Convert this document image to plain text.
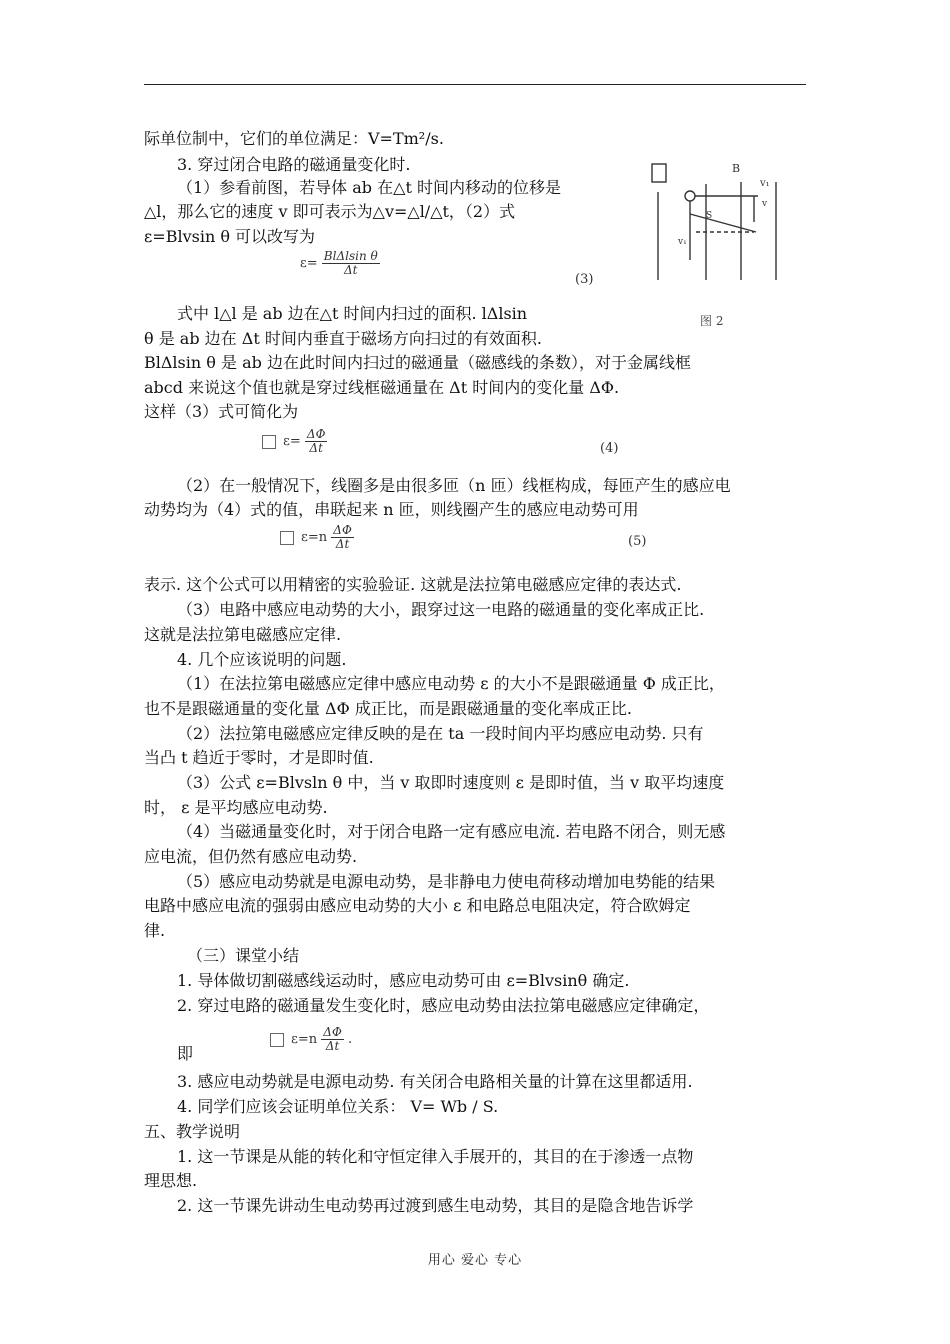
际单位制中，它们的单位满足：V=Tm²/s.
3. 穿过闭合电路的磁通量变化时.
（1）参看前图，若导体 ab 在△t 时间内移动的位移是
△l，那么它的速度 v 即可表示为△v=△l/△t，（2）式
ε=Blvsin θ 可以改写为
$\varepsilon= \frac{\text{BlΔlsin θ}}{\Delta t}$
(3)
式中 l△l 是 ab 边在△t 时间内扫过的面积. lΔlsin
θ 是 ab 边在 Δt 时间内垂直于磁场方向扫过的有效面积.
BlΔlsin θ 是 ab 边在此时间内扫过的磁通量（磁感线的条数），对于金属线框
abcd 来说这个值也就是穿过线框磁通量在 Δt 时间内的变化量 ΔΦ.
这样（3）式可简化为
$\varepsilon= \frac{\Delta\Phi}{\Delta t}$	(4)
（2）在一般情况下，线圈多是由很多匝（n 匝）线框构成，每匝产生的感应电
动势均为（4）式的值，串联起来 n 匝，则线圈产生的感应电动势可用
$\varepsilon=n \frac{\Delta\Phi}{\Delta t}$	(5)
表示. 这个公式可以用精密的实验验证. 这就是法拉第电磁感应定律的表达式.
（3）电路中感应电动势的大小，跟穿过这一电路的磁通量的变化率成正比.
这就是法拉第电磁感应定律.
4. 几个应该说明的问题.
（1）在法拉第电磁感应定律中感应电动势 ε 的大小不是跟磁通量 Φ 成正比，
也不是跟磁通量的变化量 ΔΦ 成正比，而是跟磁通量的变化率成正比.
（2）法拉第电磁感应定律反映的是在 ta 一段时间内平均感应电动势. 只有
当凸 t 趋近于零时，才是即时值.
（3）公式 ε=Blvsln θ 中，当 v 取即时速度则 ε 是即时值，当 v 取平均速度
时， ε 是平均感应电动势.
（4）当磁通量变化时，对于闭合电路一定有感应电流. 若电路不闭合，则无感
应电流，但仍然有感应电动势.
（5）感应电动势就是电源电动势，是非静电力使电荷移动增加电势能的结果
电路中感应电流的强弱由感应电动势的大小 ε 和电路总电阻决定，符合欧姆定
律.
（三）课堂小结
1. 导体做切割磁感线运动时，感应电动势可由 ε=Blvsinθ 确定.
2. 穿过电路的磁通量发生变化时，感应电动势由法拉第电磁感应定律确定，
即
$\varepsilon=n \frac{\Delta\Phi}{\Delta t}$ .
3. 感应电动势就是电源电动势. 有关闭合电路相关量的计算在这里都适用.
4. 同学们应该会证明单位关系： V= Wb / S.
五、教学说明
1. 这一节课是从能的转化和守恒定律入手展开的，其目的在于渗透一点物
理思想.
2. 这一节课先讲动生电动势再过渡到感生电动势，其目的是隐含地告诉学
B
v₁
v
S
v₁
图 2
用心 爱心 专心
